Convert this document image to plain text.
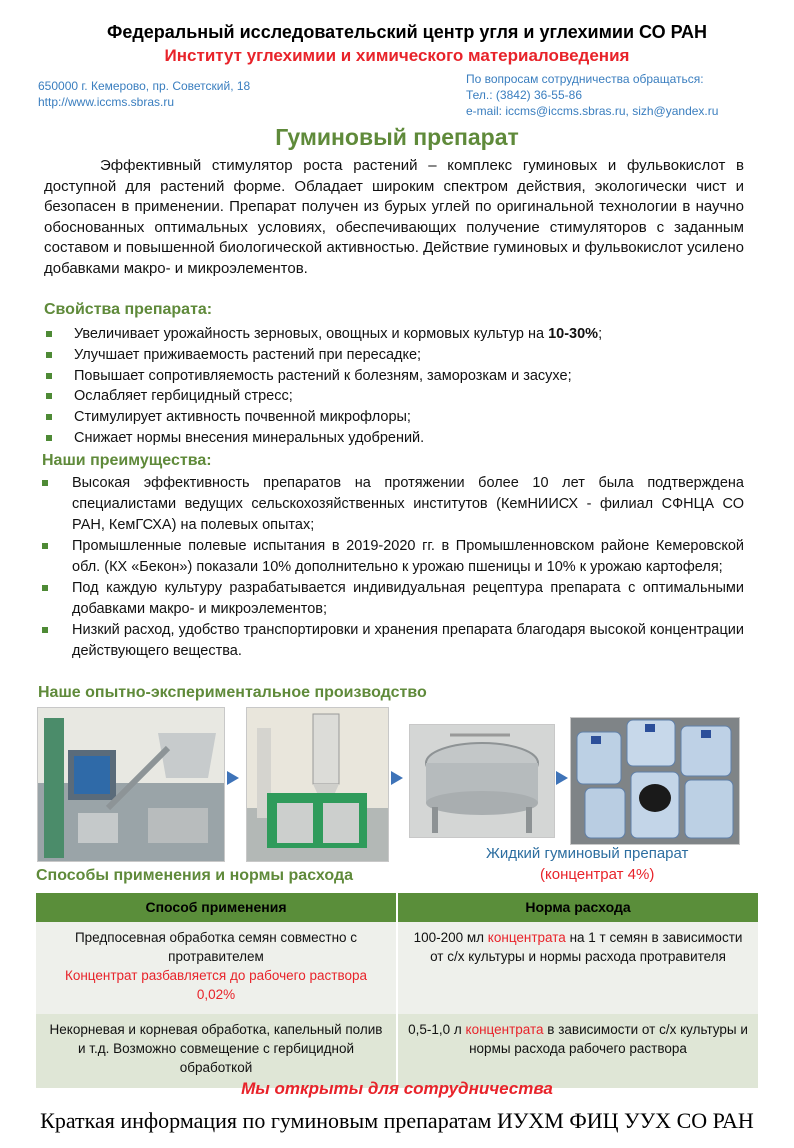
Федеральный исследовательский центр угля и углехимии СО РАН
Институт углехимии и химического материаловедения
650000 г. Кемерово, пр. Советский, 18
http://www.iccms.sbras.ru
По вопросам сотрудничества обращаться:
Тел.: (3842) 36-55-86
e-mail: iccms@iccms.sbras.ru, sizh@yandex.ru
Гуминовый препарат
Эффективный стимулятор роста растений – комплекс гуминовых и фульвокислот в доступной для растений форме. Обладает широким спектром действия, экологически чист и безопасен в применении. Препарат получен из бурых углей по оригинальной технологии в научно обоснованных оптимальных условиях, обеспечивающих получение стимуляторов с заданным составом и повышенной биологической активностью. Действие гуминовых и фульвокислот усилено добавками макро- и микроэлементов.
Свойства препарата:
Увеличивает урожайность зерновых, овощных и кормовых культур на 10-30%;
Улучшает приживаемость растений при пересадке;
Повышает сопротивляемость растений к болезням, заморозкам и засухе;
Ослабляет гербицидный стресс;
Стимулирует активность почвенной микрофлоры;
Снижает нормы внесения минеральных удобрений.
Наши преимущества:
Высокая эффективность препаратов на протяжении более 10 лет была подтверждена специалистами ведущих сельскохозяйственных институтов (КемНИИСХ - филиал СФНЦА СО РАН, КемГСХА) на полевых опытах;
Промышленные полевые испытания в 2019-2020 гг. в Промышленновском районе Кемеровской обл. (КХ «Бекон») показали 10% дополнительно к урожаю пшеницы и 10% к урожаю картофеля;
Под каждую культуру разрабатывается индивидуальная рецептура препарата с оптимальными добавками макро- и микроэлементов;
Низкий расход, удобство транспортировки и хранения препарата благодаря высокой концентрации действующего вещества.
Наше опытно-экспериментальное производство
Жидкий гуминовый препарат
(концентрат 4%)
Способы применения и нормы расхода
Способ применения	Норма расхода
Предпосевная обработка семян совместно с протравителем
Концентрат разбавляется до рабочего раствора 0,02%	100-200 мл концентрата на 1 т семян в зависимости от с/х культуры и нормы расхода протравителя
Некорневая и корневая обработка, капельный полив и т.д. Возможно совмещение с гербицидной обработкой	0,5-1,0 л концентрата в зависимости от с/х культуры и нормы расхода рабочего раствора
Мы открыты для сотрудничества
Краткая информация по гуминовым препаратам ИУХМ ФИЦ УУХ СО РАН
